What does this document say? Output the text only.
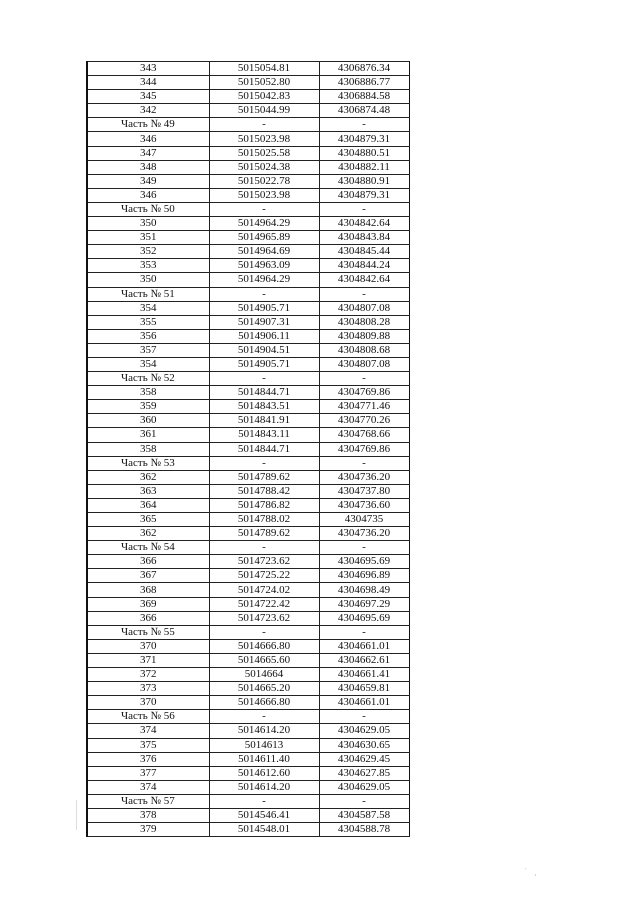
343	5015054.81	4306876.34
344	5015052.80	4306886.77
345	5015042.83	4306884.58
342	5015044.99	4306874.48
Часть № 49	-	-
346	5015023.98	4304879.31
347	5015025.58	4304880.51
348	5015024.38	4304882.11
349	5015022.78	4304880.91
346	5015023.98	4304879.31
Часть № 50	-	-
350	5014964.29	4304842.64
351	5014965.89	4304843.84
352	5014964.69	4304845.44
353	5014963.09	4304844.24
350	5014964.29	4304842.64
Часть № 51	-	-
354	5014905.71	4304807.08
355	5014907.31	4304808.28
356	5014906.11	4304809.88
357	5014904.51	4304808.68
354	5014905.71	4304807.08
Часть № 52	-	-
358	5014844.71	4304769.86
359	5014843.51	4304771.46
360	5014841.91	4304770.26
361	5014843.11	4304768.66
358	5014844.71	4304769.86
Часть № 53	-	-
362	5014789.62	4304736.20
363	5014788.42	4304737.80
364	5014786.82	4304736.60
365	5014788.02	4304735
362	5014789.62	4304736.20
Часть № 54	-	-
366	5014723.62	4304695.69
367	5014725.22	4304696.89
368	5014724.02	4304698.49
369	5014722.42	4304697.29
366	5014723.62	4304695.69
Часть № 55	-	-
370	5014666.80	4304661.01
371	5014665.60	4304662.61
372	5014664	4304661.41
373	5014665.20	4304659.81
370	5014666.80	4304661.01
Часть № 56	-	-
374	5014614.20	4304629.05
375	5014613	4304630.65
376	5014611.40	4304629.45
377	5014612.60	4304627.85
374	5014614.20	4304629.05
Часть № 57	-	-
378	5014546.41	4304587.58
379	5014548.01	4304588.78
˙ ˛
